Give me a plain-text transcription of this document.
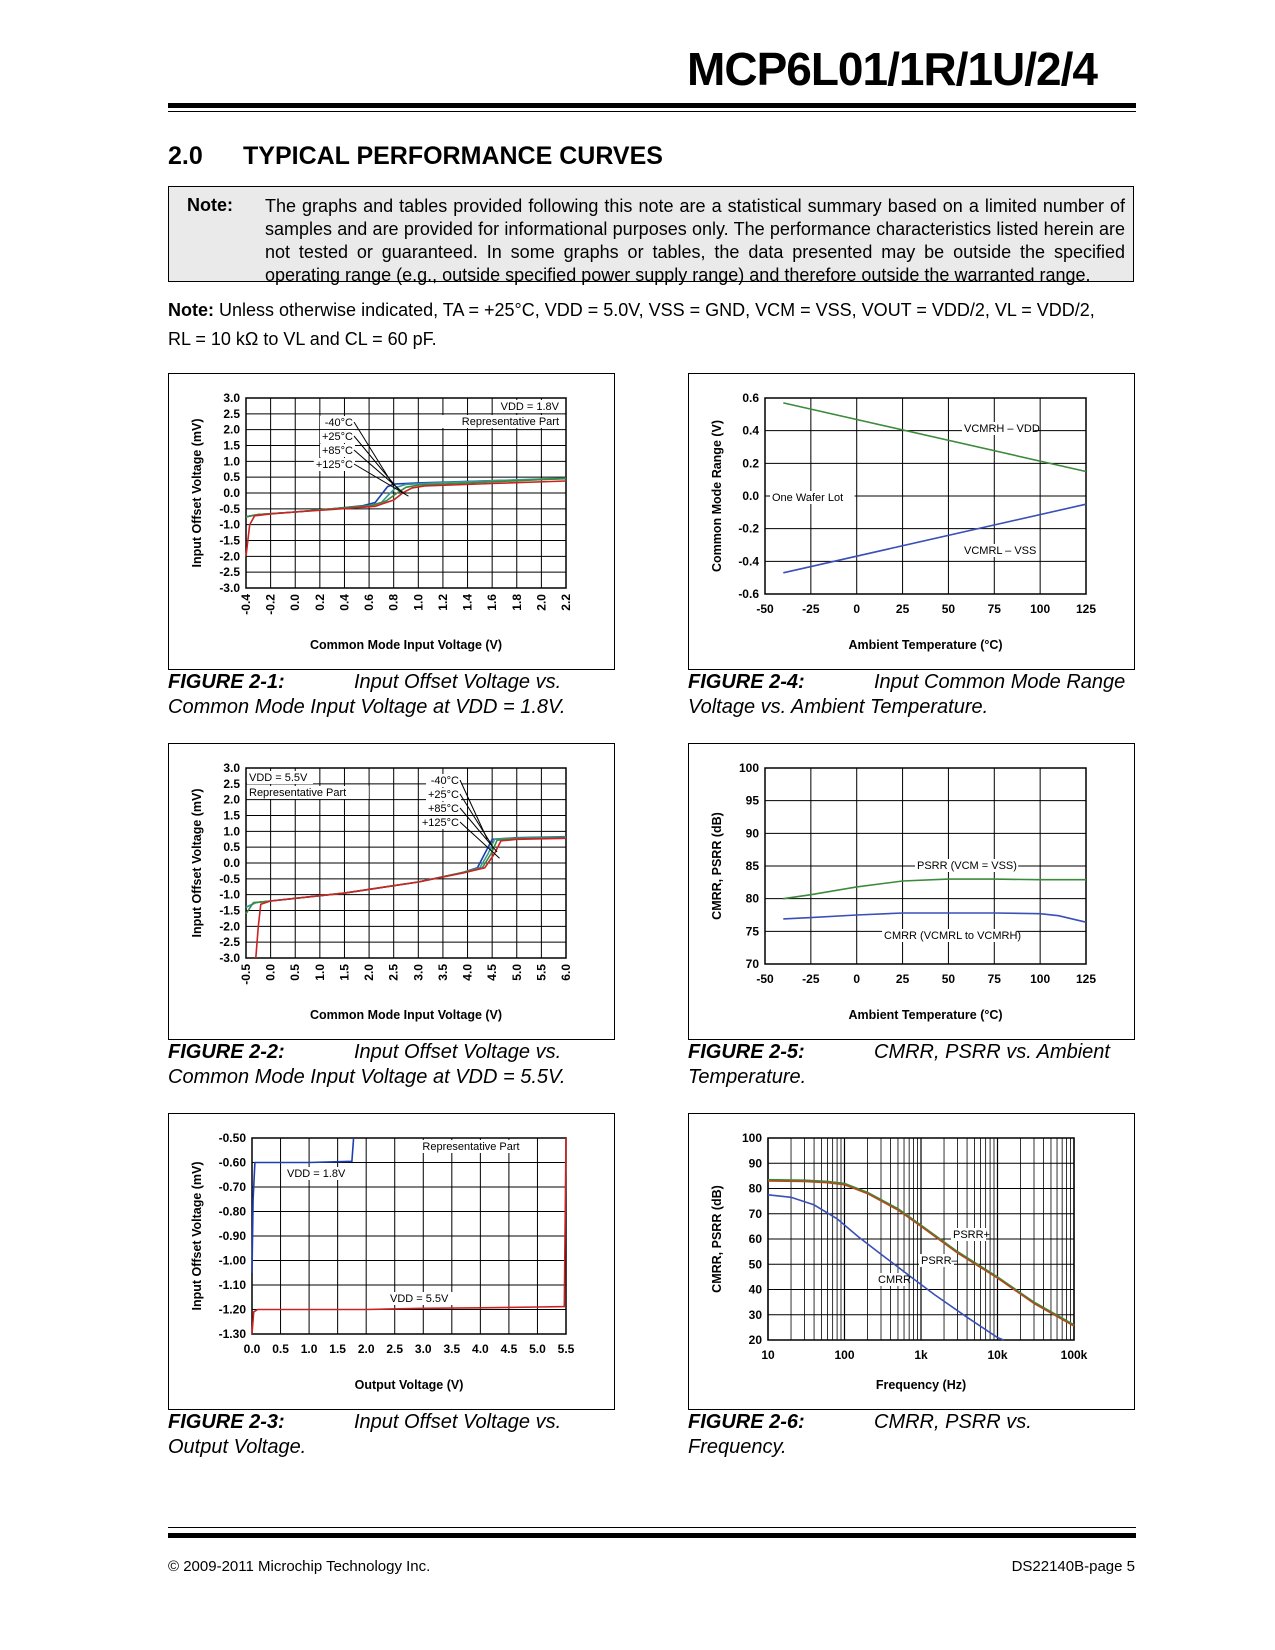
MCP6L01/1R/1U/2/4
2.0 TYPICAL PERFORMANCE CURVES
Note: The graphs and tables provided following this note are a statistical summary based on a limited number of samples and are provided for informational purposes only. The performance characteristics listed herein are not tested or guaranteed. In some graphs or tables, the data presented may be outside the specified operating range (e.g., outside specified power supply range) and therefore outside the warranted range.
Note: Unless otherwise indicated, TA = +25°C, VDD = 5.0V, VSS = GND, VCM = VSS, VOUT = VDD/2, VL = VDD/2,
RL = 10 kΩ to VL and CL = 60 pF.
3.0
2.5
2.0
1.5
1.0
0.5
0.0
-0.5
-1.0
-1.5
-2.0
-2.5
-3.0
-0.4 -0.2 0.0 0.2 0.4 0.6 0.8 1.0 1.2 1.4 1.6 1.8 2.0 2.2
Common Mode Input Voltage (V)
Input Offset Voltage (mV)	-40°C
+25°C
+85°C
+125°C
VDD = 1.8V
Representative Part
0.6
0.4
0.2
0.0
-0.2
-0.4
-0.6
-50 -25	0	25	50	75 100 125
Ambient Temperature (°C)
Common Mode Range (V)	VCMRH – VDD
VCMRL – VSS
One Wafer Lot
3.0
2.5
2.0
1.5
1.0
0.5
0.0
-0.5
-1.0
-1.5
-2.0
-2.5
-3.0
-0.5 0.0 0.5 1.0 1.5 2.0 2.5 3.0 3.5 4.0 4.5 5.0 5.5 6.0
Common Mode Input Voltage (V)
Input Offset Voltage (mV)
-40°C
+25°C
+85°C
+125°C
VDD = 5.5V
Representative Part
100
95
90
85
80
75
70
-50 -25	0	25	50	75 100 125
Ambient Temperature (°C)
CMRR, PSRR (dB)	PSRR (VCM = VSS)
CMRR (VCMRL to VCMRH)
-0.50
-0.60
-0.70
-0.80
-0.90
-1.00
-1.10
-1.20
-1.30
0.0 0.5 1.0 1.5 2.0 2.5 3.0 3.5 4.0 4.5 5.0 5.5
Output Voltage (V)
Input Offset Voltage (mV)	VDD = 1.8V
VDD = 5.5V
Representative Part
100
90
80
70
60
50
40
30
20
10	100	1k	10k	100k
Frequency (Hz)
CMRR, PSRR (dB)	PSRR+
PSRR–
CMRR
FIGURE 2-1:	Input Offset Voltage vs.
Common Mode Input Voltage at VDD = 1.8V.
FIGURE 2-2:	Input Offset Voltage vs.
Common Mode Input Voltage at VDD = 5.5V.
FIGURE 2-3:	Input Offset Voltage vs.
Output Voltage.
FIGURE 2-4:	Input Common Mode Range
Voltage vs. Ambient Temperature.
FIGURE 2-5:	CMRR, PSRR vs. Ambient
Temperature.
FIGURE 2-6:	CMRR, PSRR vs.
Frequency.
© 2009-2011 Microchip Technology Inc.	DS22140B-page 5
